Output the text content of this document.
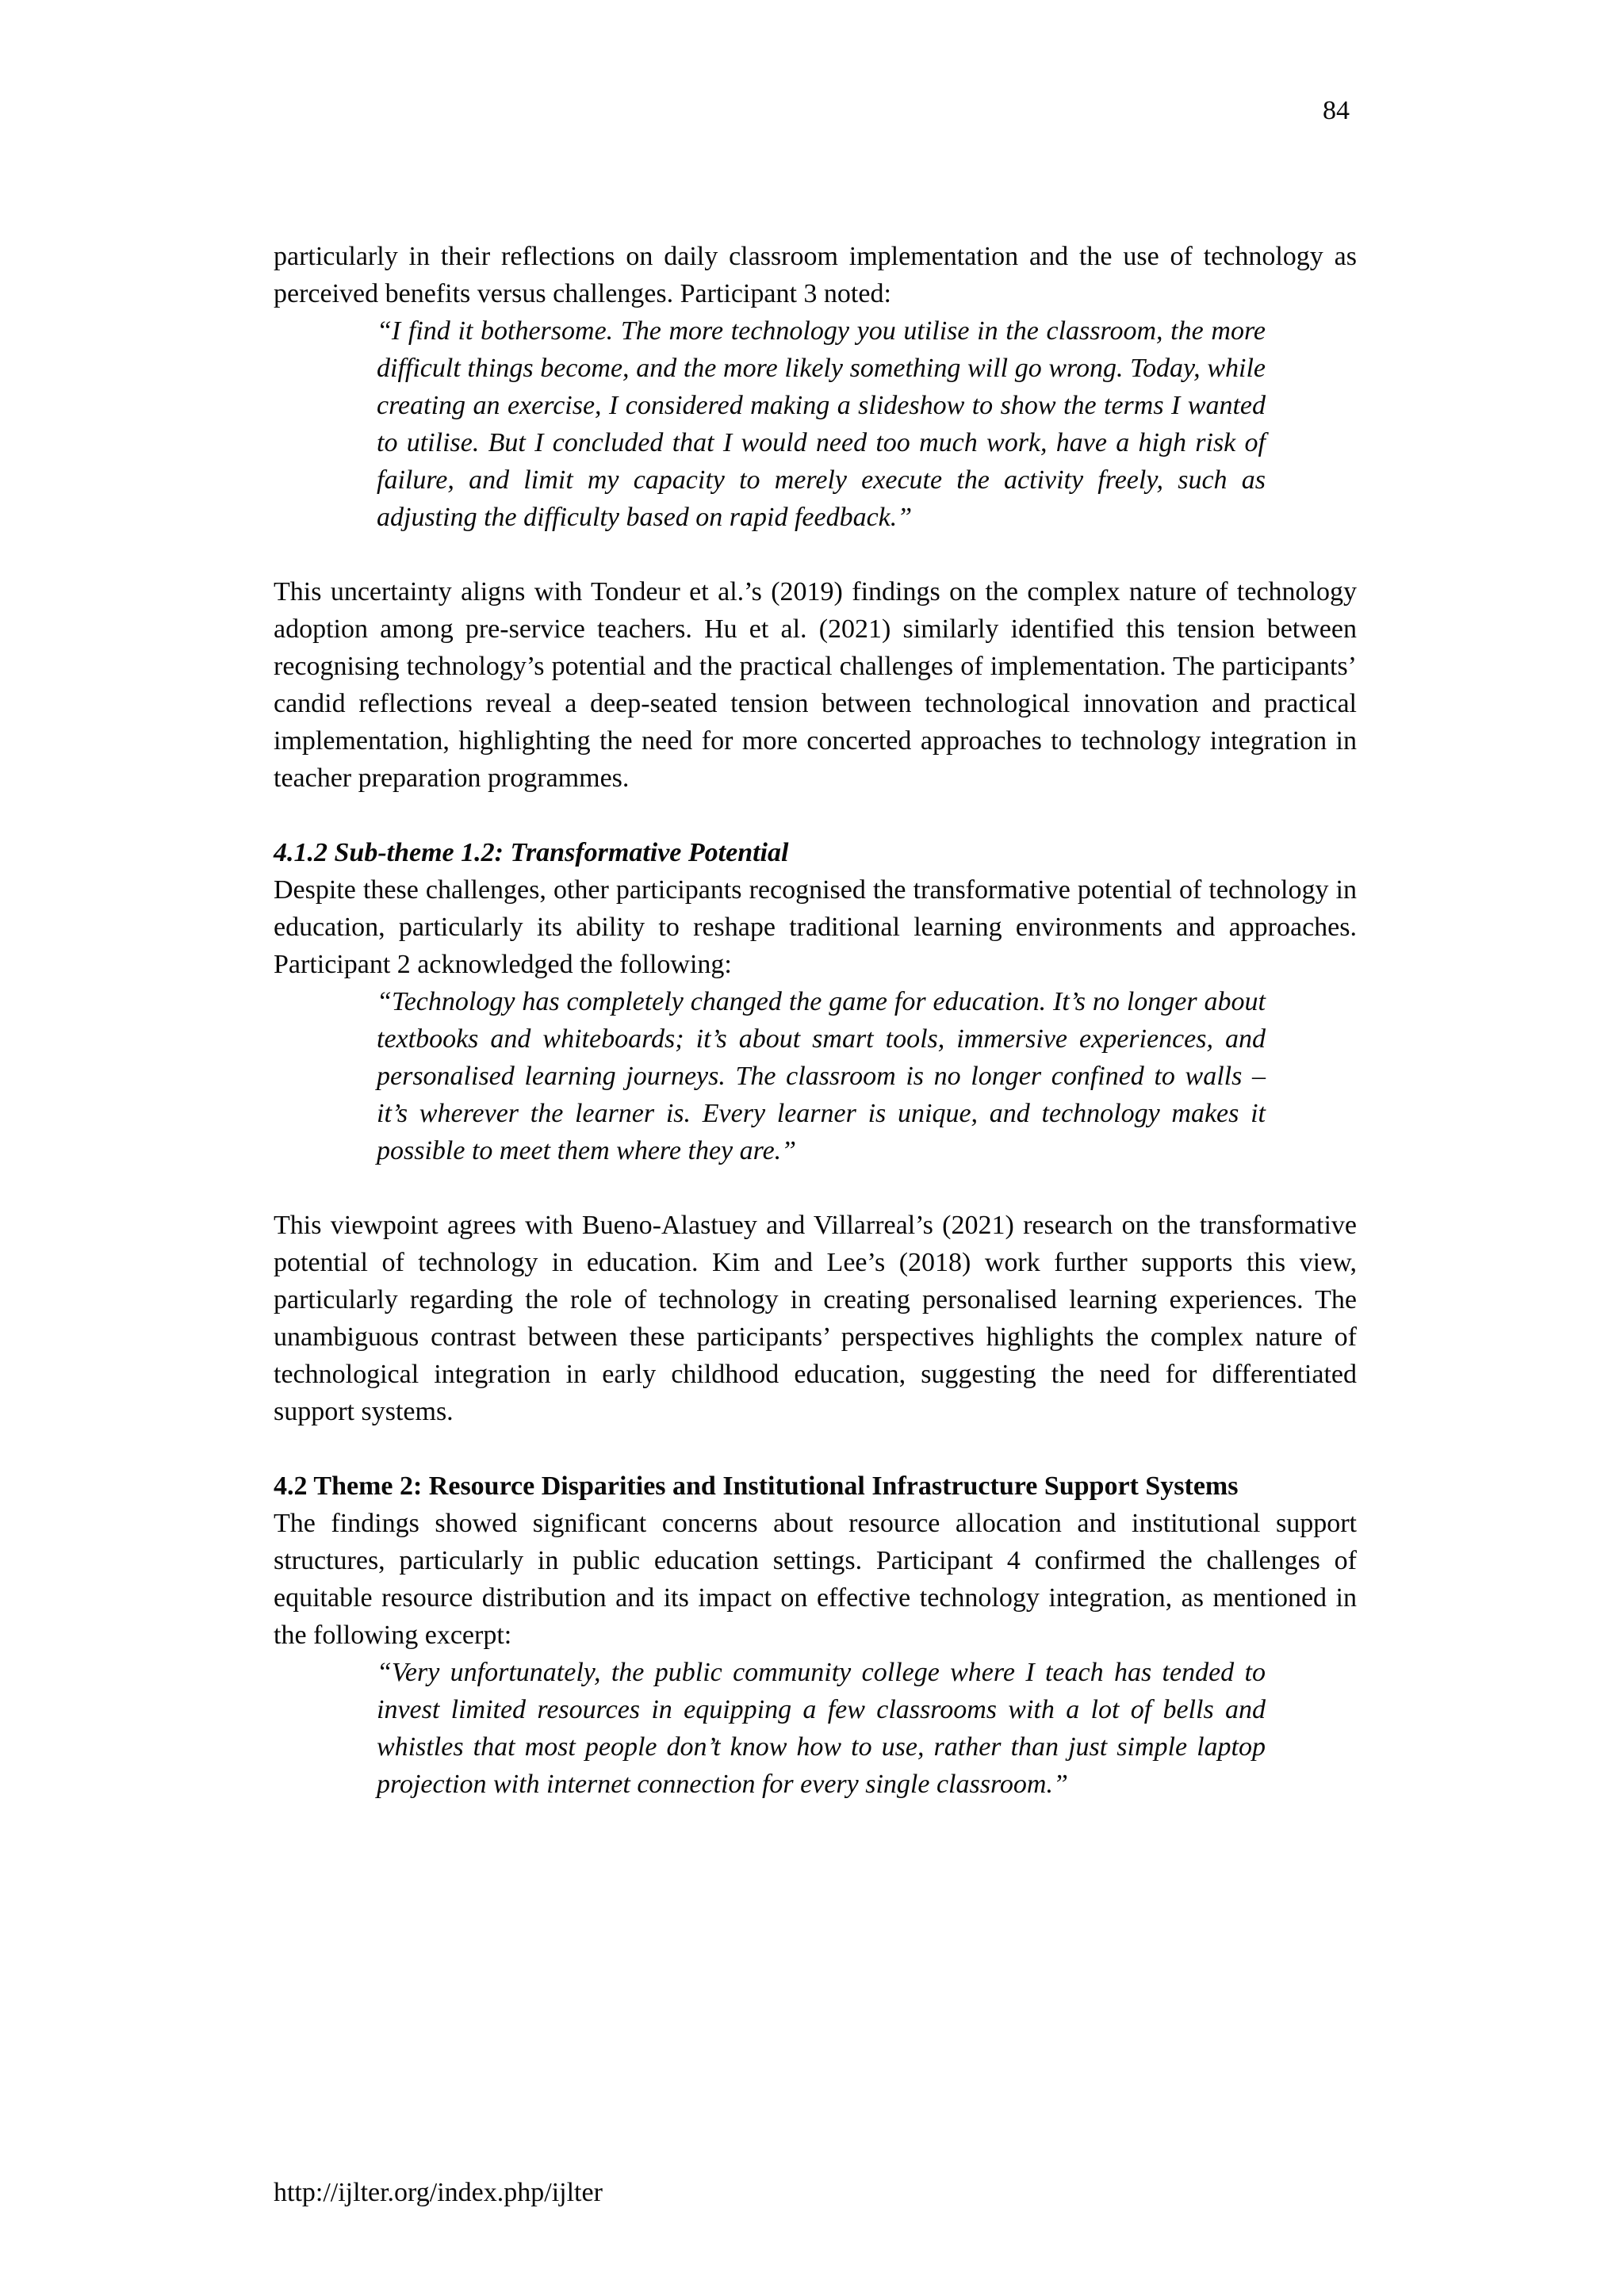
84

particularly in their reflections on daily classroom implementation and the use of technology as perceived benefits versus challenges. Participant 3 noted:

“I find it bothersome. The more technology you utilise in the classroom, the more difficult things become, and the more likely something will go wrong. Today, while creating an exercise, I considered making a slideshow to show the terms I wanted to utilise. But I concluded that I would need too much work, have a high risk of failure, and limit my capacity to merely execute the activity freely, such as adjusting the difficulty based on rapid feedback.”

This uncertainty aligns with Tondeur et al.’s (2019) findings on the complex nature of technology adoption among pre-service teachers. Hu et al. (2021) similarly identified this tension between recognising technology’s potential and the practical challenges of implementation. The participants’ candid reflections reveal a deep-seated tension between technological innovation and practical implementation, highlighting the need for more concerted approaches to technology integration in teacher preparation programmes.

4.1.2 Sub-theme 1.2: Transformative Potential

Despite these challenges, other participants recognised the transformative potential of technology in education, particularly its ability to reshape traditional learning environments and approaches. Participant 2 acknowledged the following:

“Technology has completely changed the game for education. It’s no longer about textbooks and whiteboards; it’s about smart tools, immersive experiences, and personalised learning journeys. The classroom is no longer confined to walls – it’s wherever the learner is. Every learner is unique, and technology makes it possible to meet them where they are.”

This viewpoint agrees with Bueno-Alastuey and Villarreal’s (2021) research on the transformative potential of technology in education. Kim and Lee’s (2018) work further supports this view, particularly regarding the role of technology in creating personalised learning experiences. The unambiguous contrast between these participants’ perspectives highlights the complex nature of technological integration in early childhood education, suggesting the need for differentiated support systems.

4.2 Theme 2: Resource Disparities and Institutional Infrastructure Support Systems

The findings showed significant concerns about resource allocation and institutional support structures, particularly in public education settings. Participant 4 confirmed the challenges of equitable resource distribution and its impact on effective technology integration, as mentioned in the following excerpt:

“Very unfortunately, the public community college where I teach has tended to invest limited resources in equipping a few classrooms with a lot of bells and whistles that most people don’t know how to use, rather than just simple laptop projection with internet connection for every single classroom.”

http://ijlter.org/index.php/ijlter
